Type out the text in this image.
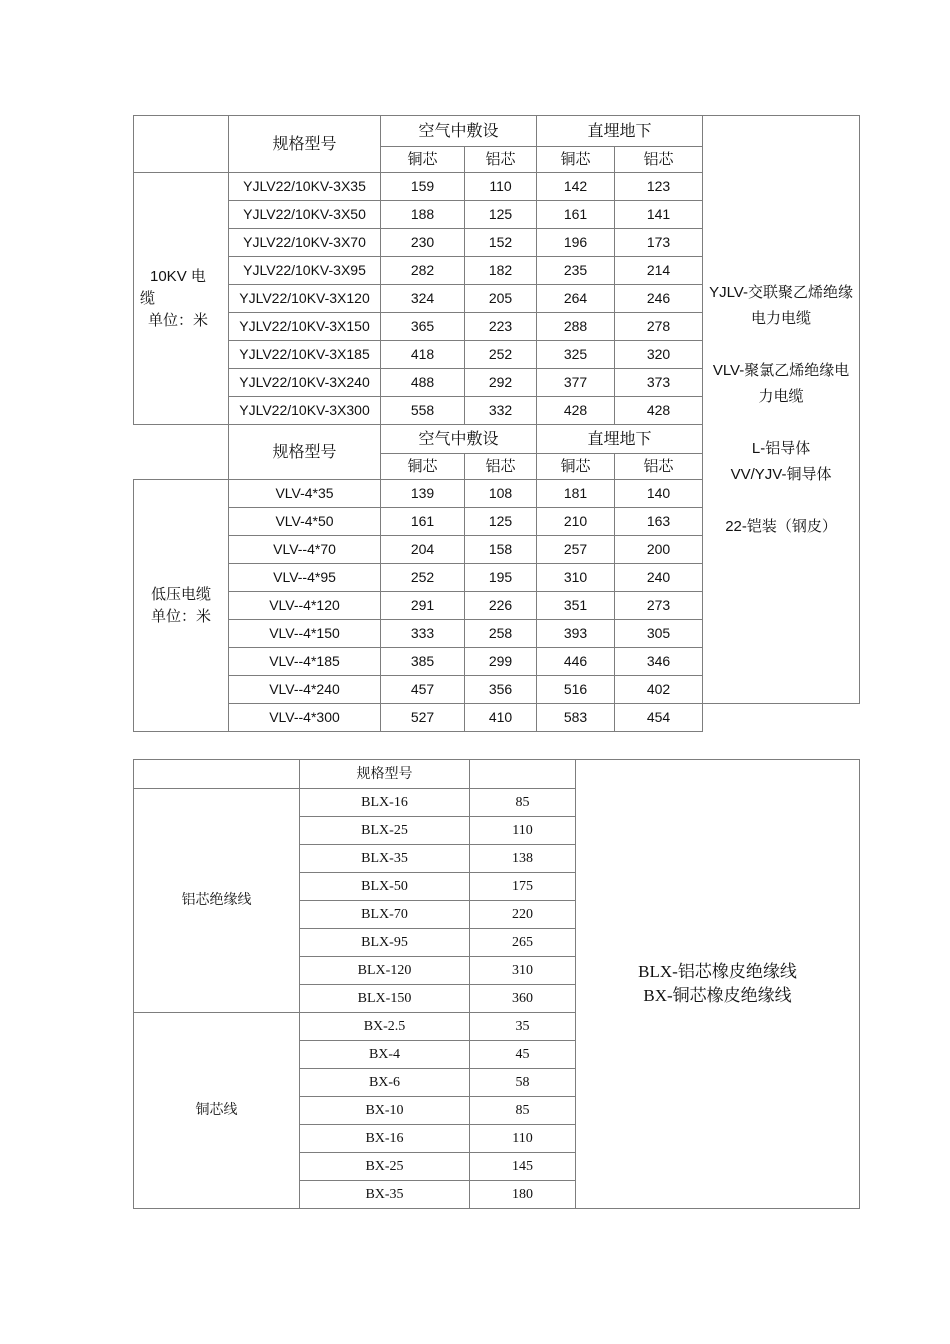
	规格型号	空气中敷设		直埋地下		YJLV-交联聚乙烯绝缘电力电缆

VLV-聚氯乙烯绝缘电力电缆

L-铝导体
VV/YJV-铜导体

22-铠装（钢皮）

		铜芯	铝芯	铜芯	铝芯	

10KV 电
缆
单位：米	YJLV22/10KV-3X35	159	110	142	123	
	YJLV22/10KV-3X50	188	125	161	141	
	YJLV22/10KV-3X70	230	152	196	173	
	YJLV22/10KV-3X95	282	182	235	214	
	YJLV22/10KV-3X120	324	205	264	246	
	YJLV22/10KV-3X150	365	223	288	278	
	YJLV22/10KV-3X185	418	252	325	320	
	YJLV22/10KV-3X240	488	292	377	373	
	YJLV22/10KV-3X300	558	332	428	428	
	规格型号	空气中敷设		直埋地下		
		铜芯	铝芯	铜芯	铝芯	

低压电缆
单位：米	VLV-4*35	139	108	181	140	
	VLV-4*50	161	125	210	163	
	VLV--4*70	204	158	257	200	
	VLV--4*95	252	195	310	240	
	VLV--4*120	291	226	351	273	
	VLV--4*150	333	258	393	305	
	VLV--4*185	385	299	446	346	
	VLV--4*240	457	356	516	402	
	VLV--4*300	527	410	583	454	
	规格型号		BLX-铝芯橡皮绝缘线
BX-铜芯橡皮绝缘线

铝芯绝缘线	BLX-16	85	
	BLX-25	110	
	BLX-35	138	
	BLX-50	175	
	BLX-70	220	
	BLX-95	265	
	BLX-120	310	
	BLX-150	360	
铜芯线	BX-2.5	35	
	BX-4	45	
	BX-6	58	
	BX-10	85	
	BX-16	110	
	BX-25	145	
	BX-35	180	
